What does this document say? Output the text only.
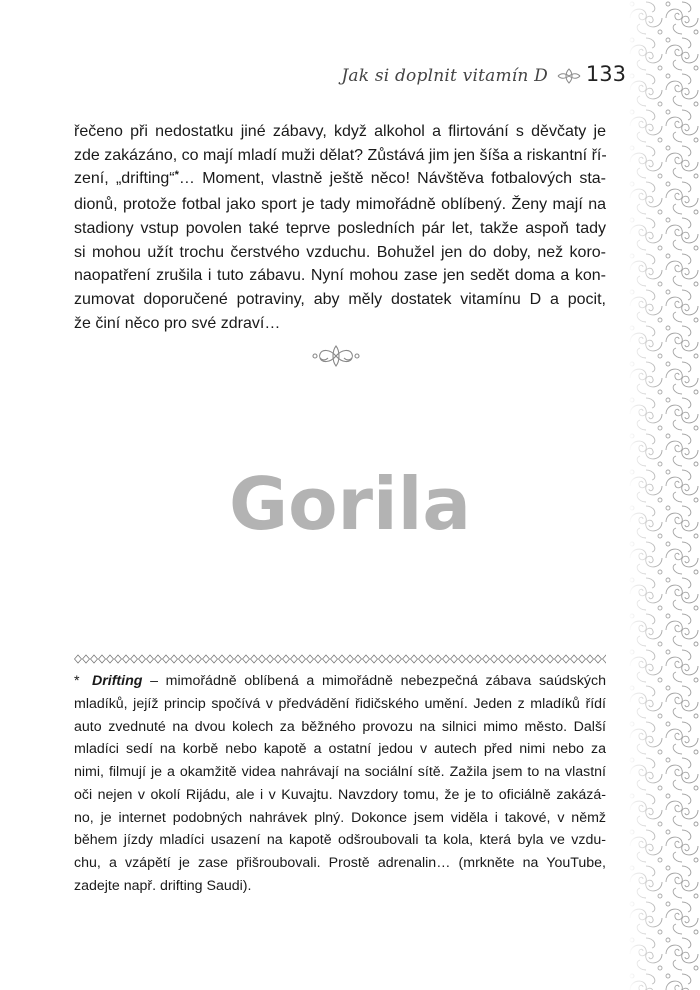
Jak si doplnit vitamín D 133
řečeno při nedostatku jiné zábavy, když alkohol a flirtování s děvčaty je
zde zakázáno, co mají mladí muži dělat? Zůstává jim jen šíša a riskantní ří-
zení, „drifting“*… Moment, vlastně ještě něco! Návštěva fotbalových sta-
dionů, protože fotbal jako sport je tady mimořádně oblíbený. Ženy mají na
stadiony vstup povolen také teprve posledních pár let, takže aspoň tady
si mohou užít trochu čerstvého vzduchu. Bohužel jen do doby, než koro-
naopatření zrušila i tuto zábavu. Nyní mohou zase jen sedět doma a kon-
zumovat doporučené potraviny, aby měly dostatek vitamínu D a pocit,
že činí něco pro své zdraví…
Gorila
* Drifting – mimořádně oblíbená a mimořádně nebezpečná zábava saúdských
mladíků, jejíž princip spočívá v předvádění řidičského umění. Jeden z mladíků řídí
auto zvednuté na dvou kolech za běžného provozu na silnici mimo město. Další
mladíci sedí na korbě nebo kapotě a ostatní jedou v autech před nimi nebo za
nimi, filmují je a okamžitě videa nahrávají na sociální sítě. Zažila jsem to na vlastní
oči nejen v okolí Rijádu, ale i v Kuvajtu. Navzdory tomu, že je to oficiálně zakázá-
no, je internet podobných nahrávek plný. Dokonce jsem viděla i takové, v němž
během jízdy mladíci usazení na kapotě odšroubovali ta kola, která byla ve vzdu-
chu, a vzápětí je zase přišroubovali. Prostě adrenalin… (mrkněte na YouTube,
zadejte např. drifting Saudi).
